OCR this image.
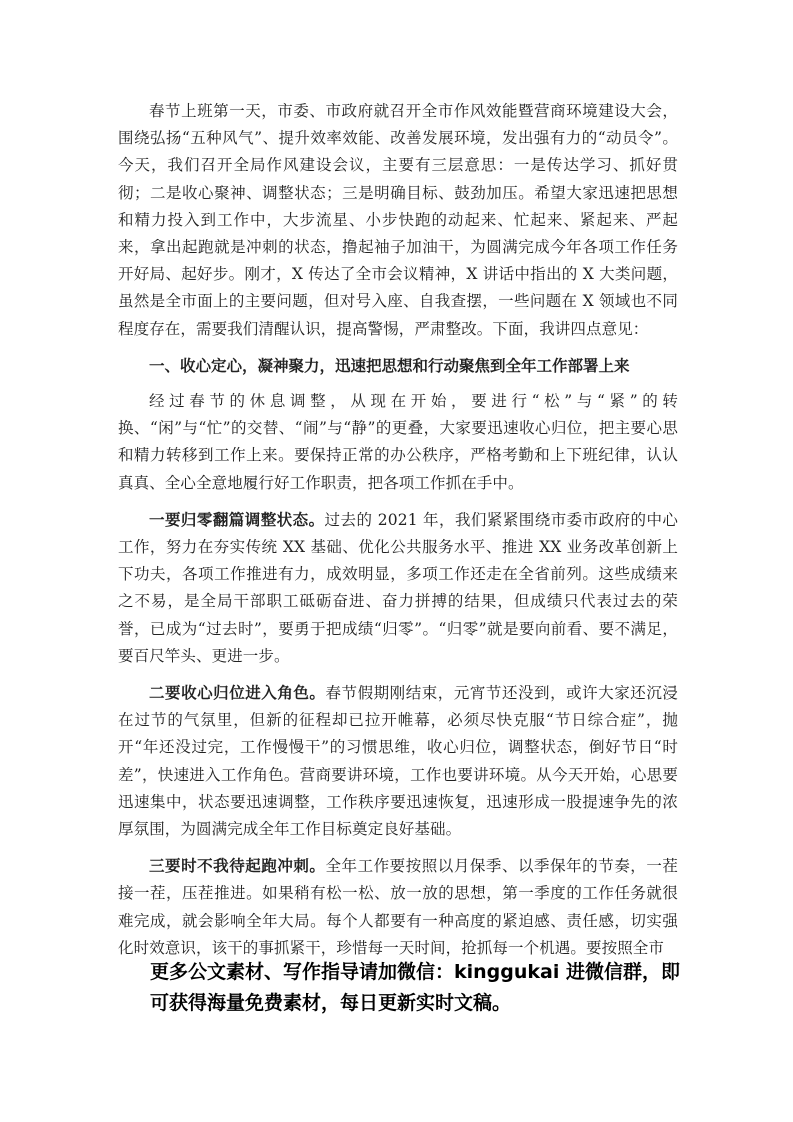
春节上班第一天，市委、市政府就召开全市作风效能暨营商环境建设大会，围绕弘扬“五种风气”、提升效率效能、改善发展环境，发出强有力的“动员令”。今天，我们召开全局作风建设会议，主要有三层意思：一是传达学习、抓好贯彻；二是收心聚神、调整状态；三是明确目标、鼓劲加压。希望大家迅速把思想和精力投入到工作中，大步流星、小步快跑的动起来、忙起来、紧起来、严起来，拿出起跑就是冲刺的状态，撸起袖子加油干，为圆满完成今年各项工作任务开好局、起好步。刚才，X 传达了全市会议精神，X 讲话中指出的 X 大类问题，虽然是全市面上的主要问题，但对号入座、自我查摆，一些问题在 X 领域也不同程度存在，需要我们清醒认识，提高警惕，严肃整改。下面，我讲四点意见：

一、收心定心，凝神聚力，迅速把思想和行动聚焦到全年工作部署上来

经过春节的休息调整，从现在开始，要进行“松”与“紧”的转换、“闲”与“忙”的交替、“闹”与“静”的更叠，大家要迅速收心归位，把主要心思和精力转移到工作上来。要保持正常的办公秩序，严格考勤和上下班纪律，认认真真、全心全意地履行好工作职责，把各项工作抓在手中。

一要归零翻篇调整状态。过去的 2021 年，我们紧紧围绕市委市政府的中心工作，努力在夯实传统 XX 基础、优化公共服务水平、推进 XX 业务改革创新上下功夫，各项工作推进有力，成效明显，多项工作还走在全省前列。这些成绩来之不易，是全局干部职工砥砺奋进、奋力拼搏的结果，但成绩只代表过去的荣誉，已成为“过去时”，要勇于把成绩“归零”。“归零”就是要向前看、要不满足，要百尺竿头、更进一步。

二要收心归位进入角色。春节假期刚结束，元宵节还没到，或许大家还沉浸在过节的气氛里，但新的征程却已拉开帷幕，必须尽快克服“节日综合症”，抛开“年还没过完，工作慢慢干”的习惯思维，收心归位，调整状态，倒好节日“时差”，快速进入工作角色。营商要讲环境，工作也要讲环境。从今天开始，心思要迅速集中，状态要迅速调整，工作秩序要迅速恢复，迅速形成一股提速争先的浓厚氛围，为圆满完成全年工作目标奠定良好基础。

三要时不我待起跑冲刺。全年工作要按照以月保季、以季保年的节奏，一茬接一茬，压茬推进。如果稍有松一松、放一放的思想，第一季度的工作任务就很难完成，就会影响全年大局。每个人都要有一种高度的紧迫感、责任感，切实强化时效意识，该干的事抓紧干，珍惜每一天时间，抢抓每一个机遇。要按照全市

更多公文素材、写作指导请加微信：kinggukai 进微信群，即可获得海量免费素材，每日更新实时文稿。
